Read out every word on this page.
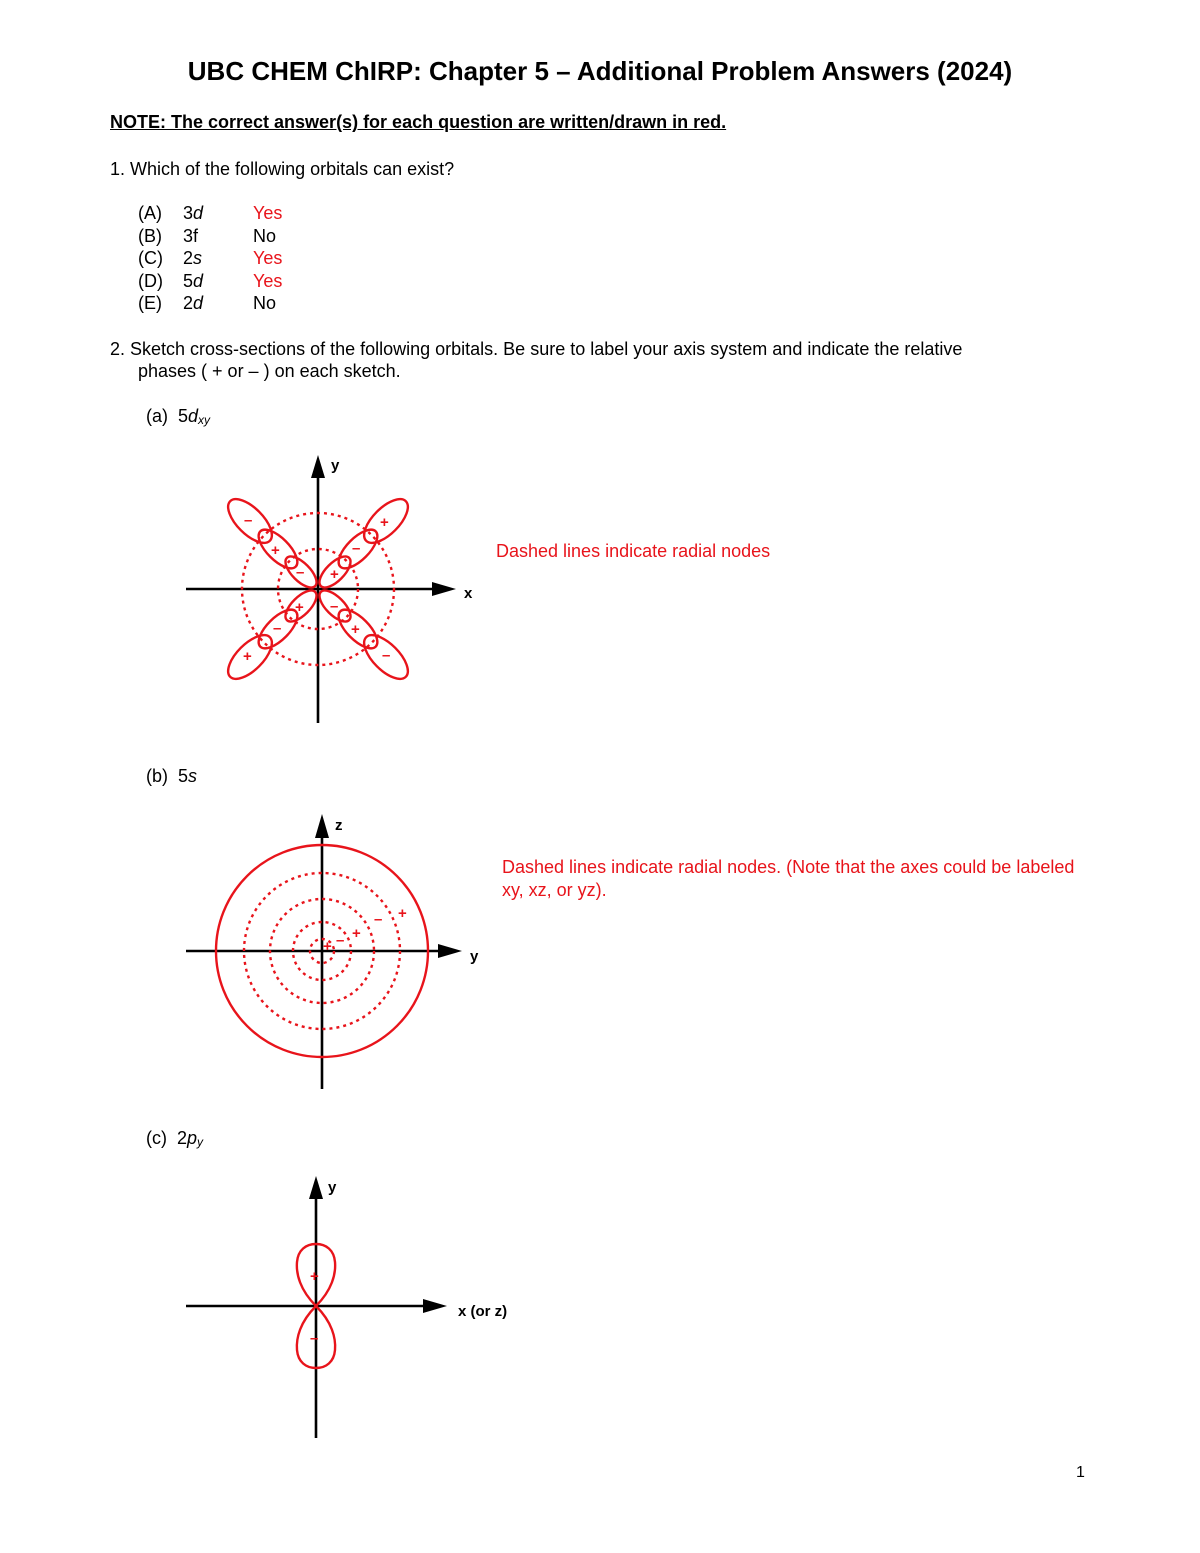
UBC CHEM ChIRP: Chapter 5 – Additional Problem Answers (2024)
NOTE: The correct answer(s) for each question are written/drawn in red.
1. Which of the following orbitals can exist?
(A) 3d	Yes
(B) 3f	No
(C) 2s	Yes
(D) 5d	Yes
(E) 2d	No
2. Sketch cross-sections of the following orbitals. Be sure to label your axis system and indicate the relative
phases ( + or – ) on each sketch.
(a) $5d_{xy}$
Dashed lines indicate radial nodes
(b) 5s
Dashed lines indicate radial nodes. (Note that the axes could be labeled xy, xz, or yz).
(c) $2p_y$
x
y
–	+
+	–
+	–
–	+
– +
+ –
y
z
+
–
+
–
+
x (or z)
y
+
–
1
